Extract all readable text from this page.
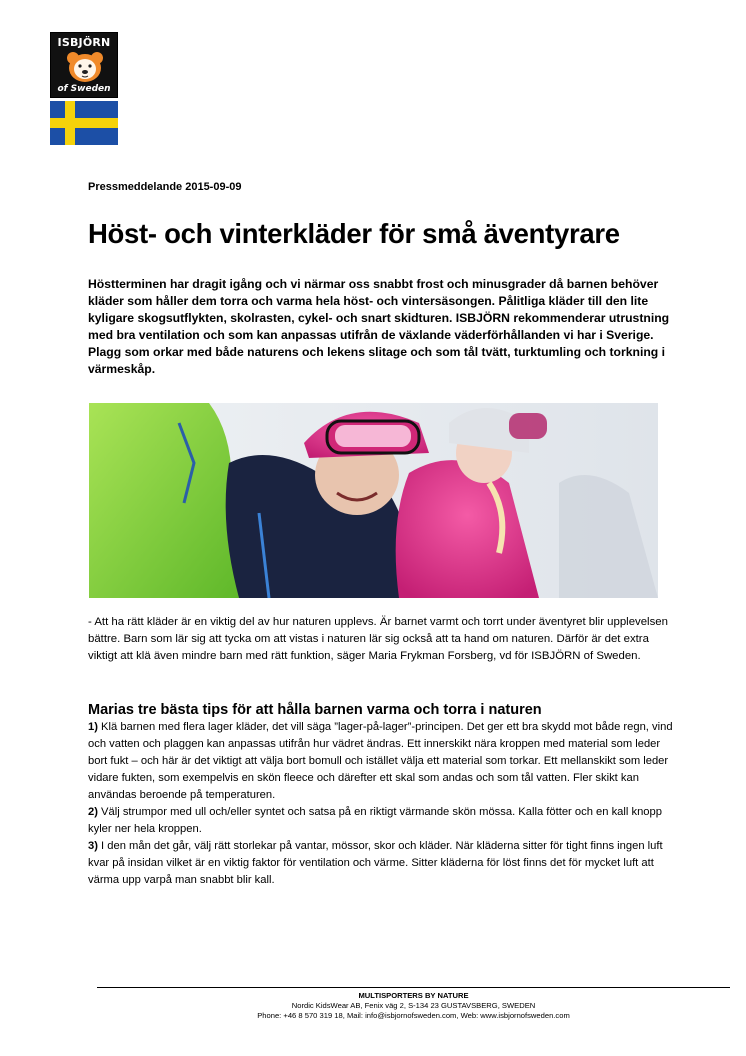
ISBJÖRN
of Sweden
Pressmeddelande 2015-09-09
Höst- och vinterkläder för små äventyrare

Höstterminen har dragit igång och vi närmar oss snabbt frost och minusgrader då barnen behöver kläder som håller dem torra och varma hela höst- och vintersäsongen. Pålitliga kläder till den lite kyligare skogsutflykten, skolrasten, cykel- och snart skidturen. ISBJÖRN rekommenderar utrustning med bra ventilation och som kan anpassas utifrån de växlande väderförhållanden vi har i Sverige. Plagg som orkar med både naturens och lekens slitage och som tål tvätt, turktumling och torkning i värmeskåp.

- Att ha rätt kläder är en viktig del av hur naturen upplevs. Är barnet varmt och torrt under äventyret blir upplevelsen bättre. Barn som lär sig att tycka om att vistas i naturen lär sig också att ta hand om naturen. Därför är det extra viktigt att klä även mindre barn med rätt funktion, säger Maria Frykman Forsberg, vd för ISBJÖRN of Sweden.

Marias tre bästa tips för att hålla barnen varma och torra i naturen

1) Klä barnen med flera lager kläder, det vill säga ”lager-på-lager”-principen. Det ger ett bra skydd mot både regn, vind och vatten och plaggen kan anpassas utifrån hur vädret ändras. Ett innerskikt nära kroppen med material som leder bort fukt – och här är det viktigt att välja bort bomull och istället välja ett material som torkar. Ett mellanskikt som leder vidare fukten, som exempelvis en skön fleece och därefter ett skal som andas och som tål vatten. Fler skikt kan användas beroende på temperaturen.

2) Välj strumpor med ull och/eller syntet och satsa på en riktigt värmande skön mössa. Kalla fötter och en kall knopp kyler ner hela kroppen.

3) I den mån det går, välj rätt storlekar på vantar, mössor, skor och kläder. När kläderna sitter för tight finns ingen luft kvar på insidan vilket är en viktig faktor för ventilation och värme. Sitter kläderna för löst finns det för mycket luft att värma upp varpå man snabbt blir kall.

MULTISPORTERS BY NATURE
Nordic KidsWear AB, Fenix väg 2, S-134 23 GUSTAVSBERG, SWEDEN
Phone: +46 8 570 319 18, Mail: info@isbjornofsweden.com, Web: www.isbjornofsweden.com
